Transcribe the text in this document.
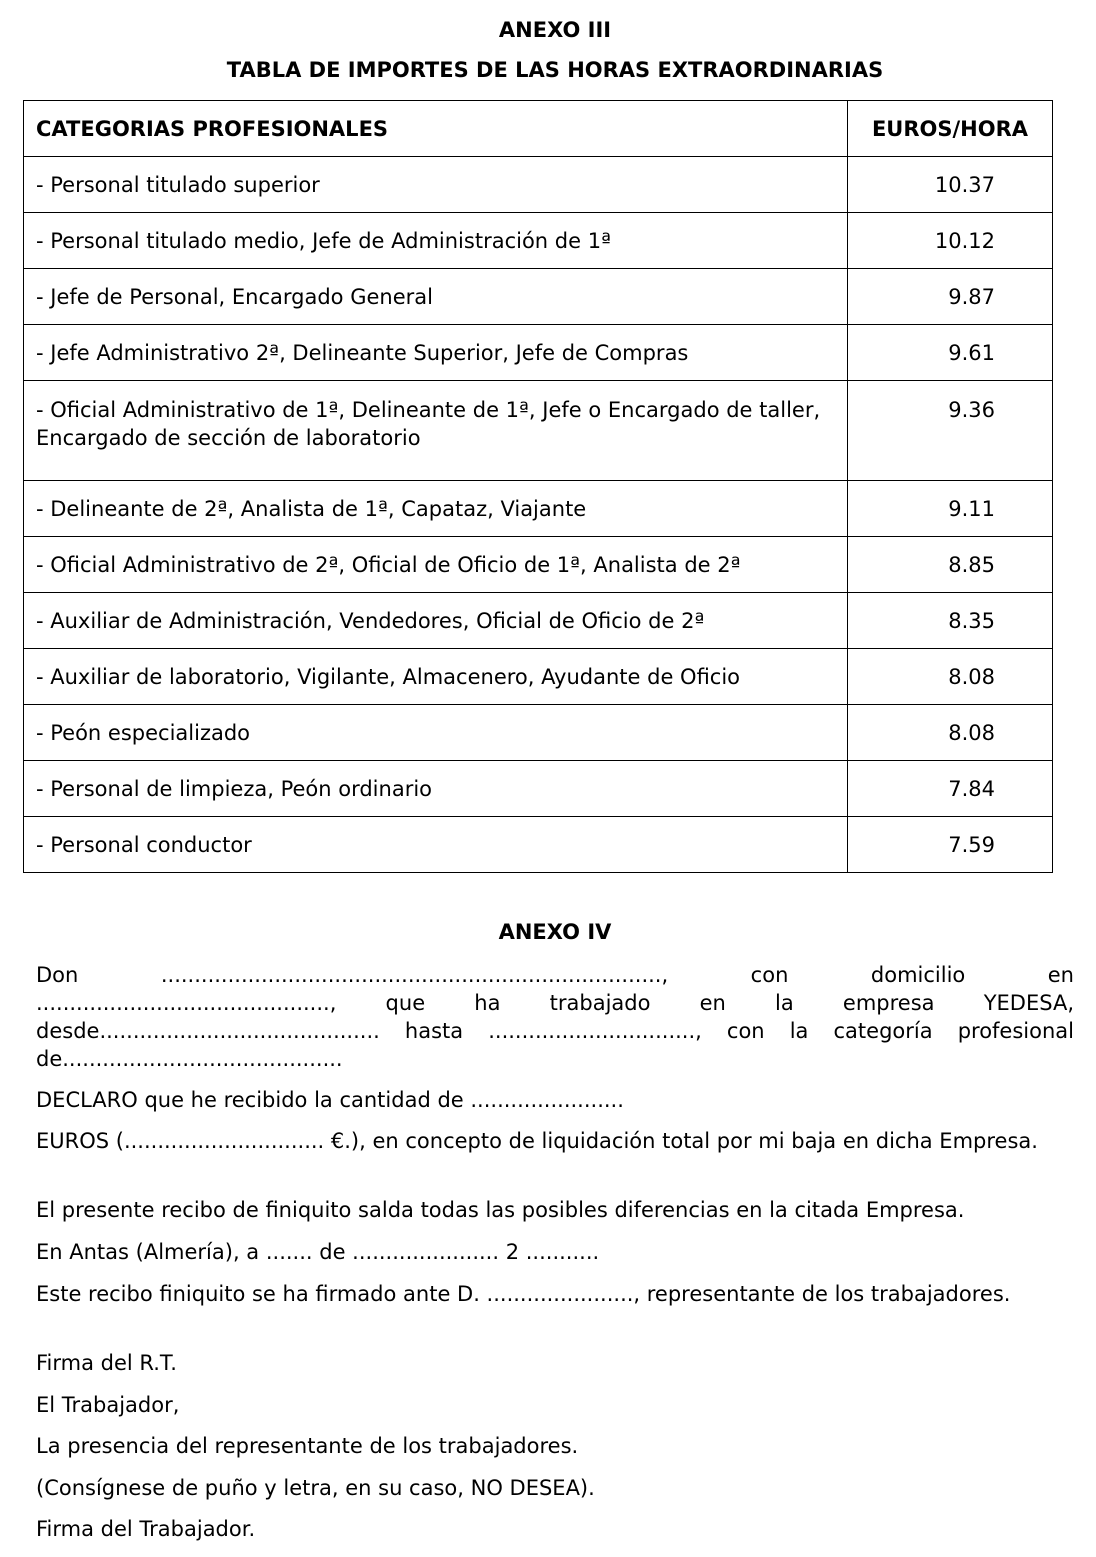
ANEXO III
TABLA DE IMPORTES DE LAS HORAS EXTRAORDINARIAS
CATEGORIAS PROFESIONALES	EUROS/HORA
- Personal titulado superior	10.37
- Personal titulado medio, Jefe de Administración de 1ª	10.12
- Jefe de Personal, Encargado General	9.87
- Jefe Administrativo 2ª, Delineante Superior, Jefe de Compras	9.61
- Oficial Administrativo de 1ª, Delineante de 1ª, Jefe o Encargado de taller, Encargado de sección de laboratorio	9.36
- Delineante de 2ª, Analista de 1ª, Capataz, Viajante	9.11
- Oficial Administrativo de 2ª, Oficial de Oficio de 1ª, Analista de 2ª	8.85
- Auxiliar de Administración, Vendedores, Oficial de Oficio de 2ª	8.35
- Auxiliar de laboratorio, Vigilante, Almacenero, Ayudante de Oficio	8.08
- Peón especializado	8.08
- Personal de limpieza, Peón ordinario	7.84
- Personal conductor	7.59
ANEXO IV

Don ..........................................................................., con domicilio en ............................................, que ha trabajado en la empresa YEDESA, desde.......................................... hasta ..............................., con la categoría profesional de..........................................

DECLARO que he recibido la cantidad de .......................

EUROS (.............................. €.), en concepto de liquidación total por mi baja en dicha Empresa.

El presente recibo de finiquito salda todas las posibles diferencias en la citada Empresa.

En Antas (Almería), a ....... de ...................... 2 ...........

Este recibo finiquito se ha firmado ante D. ......................, representante de los trabajadores.

Firma del R.T.

El Trabajador,

La presencia del representante de los trabajadores.

(Consígnese de puño y letra, en su caso, NO DESEA).

Firma del Trabajador.
